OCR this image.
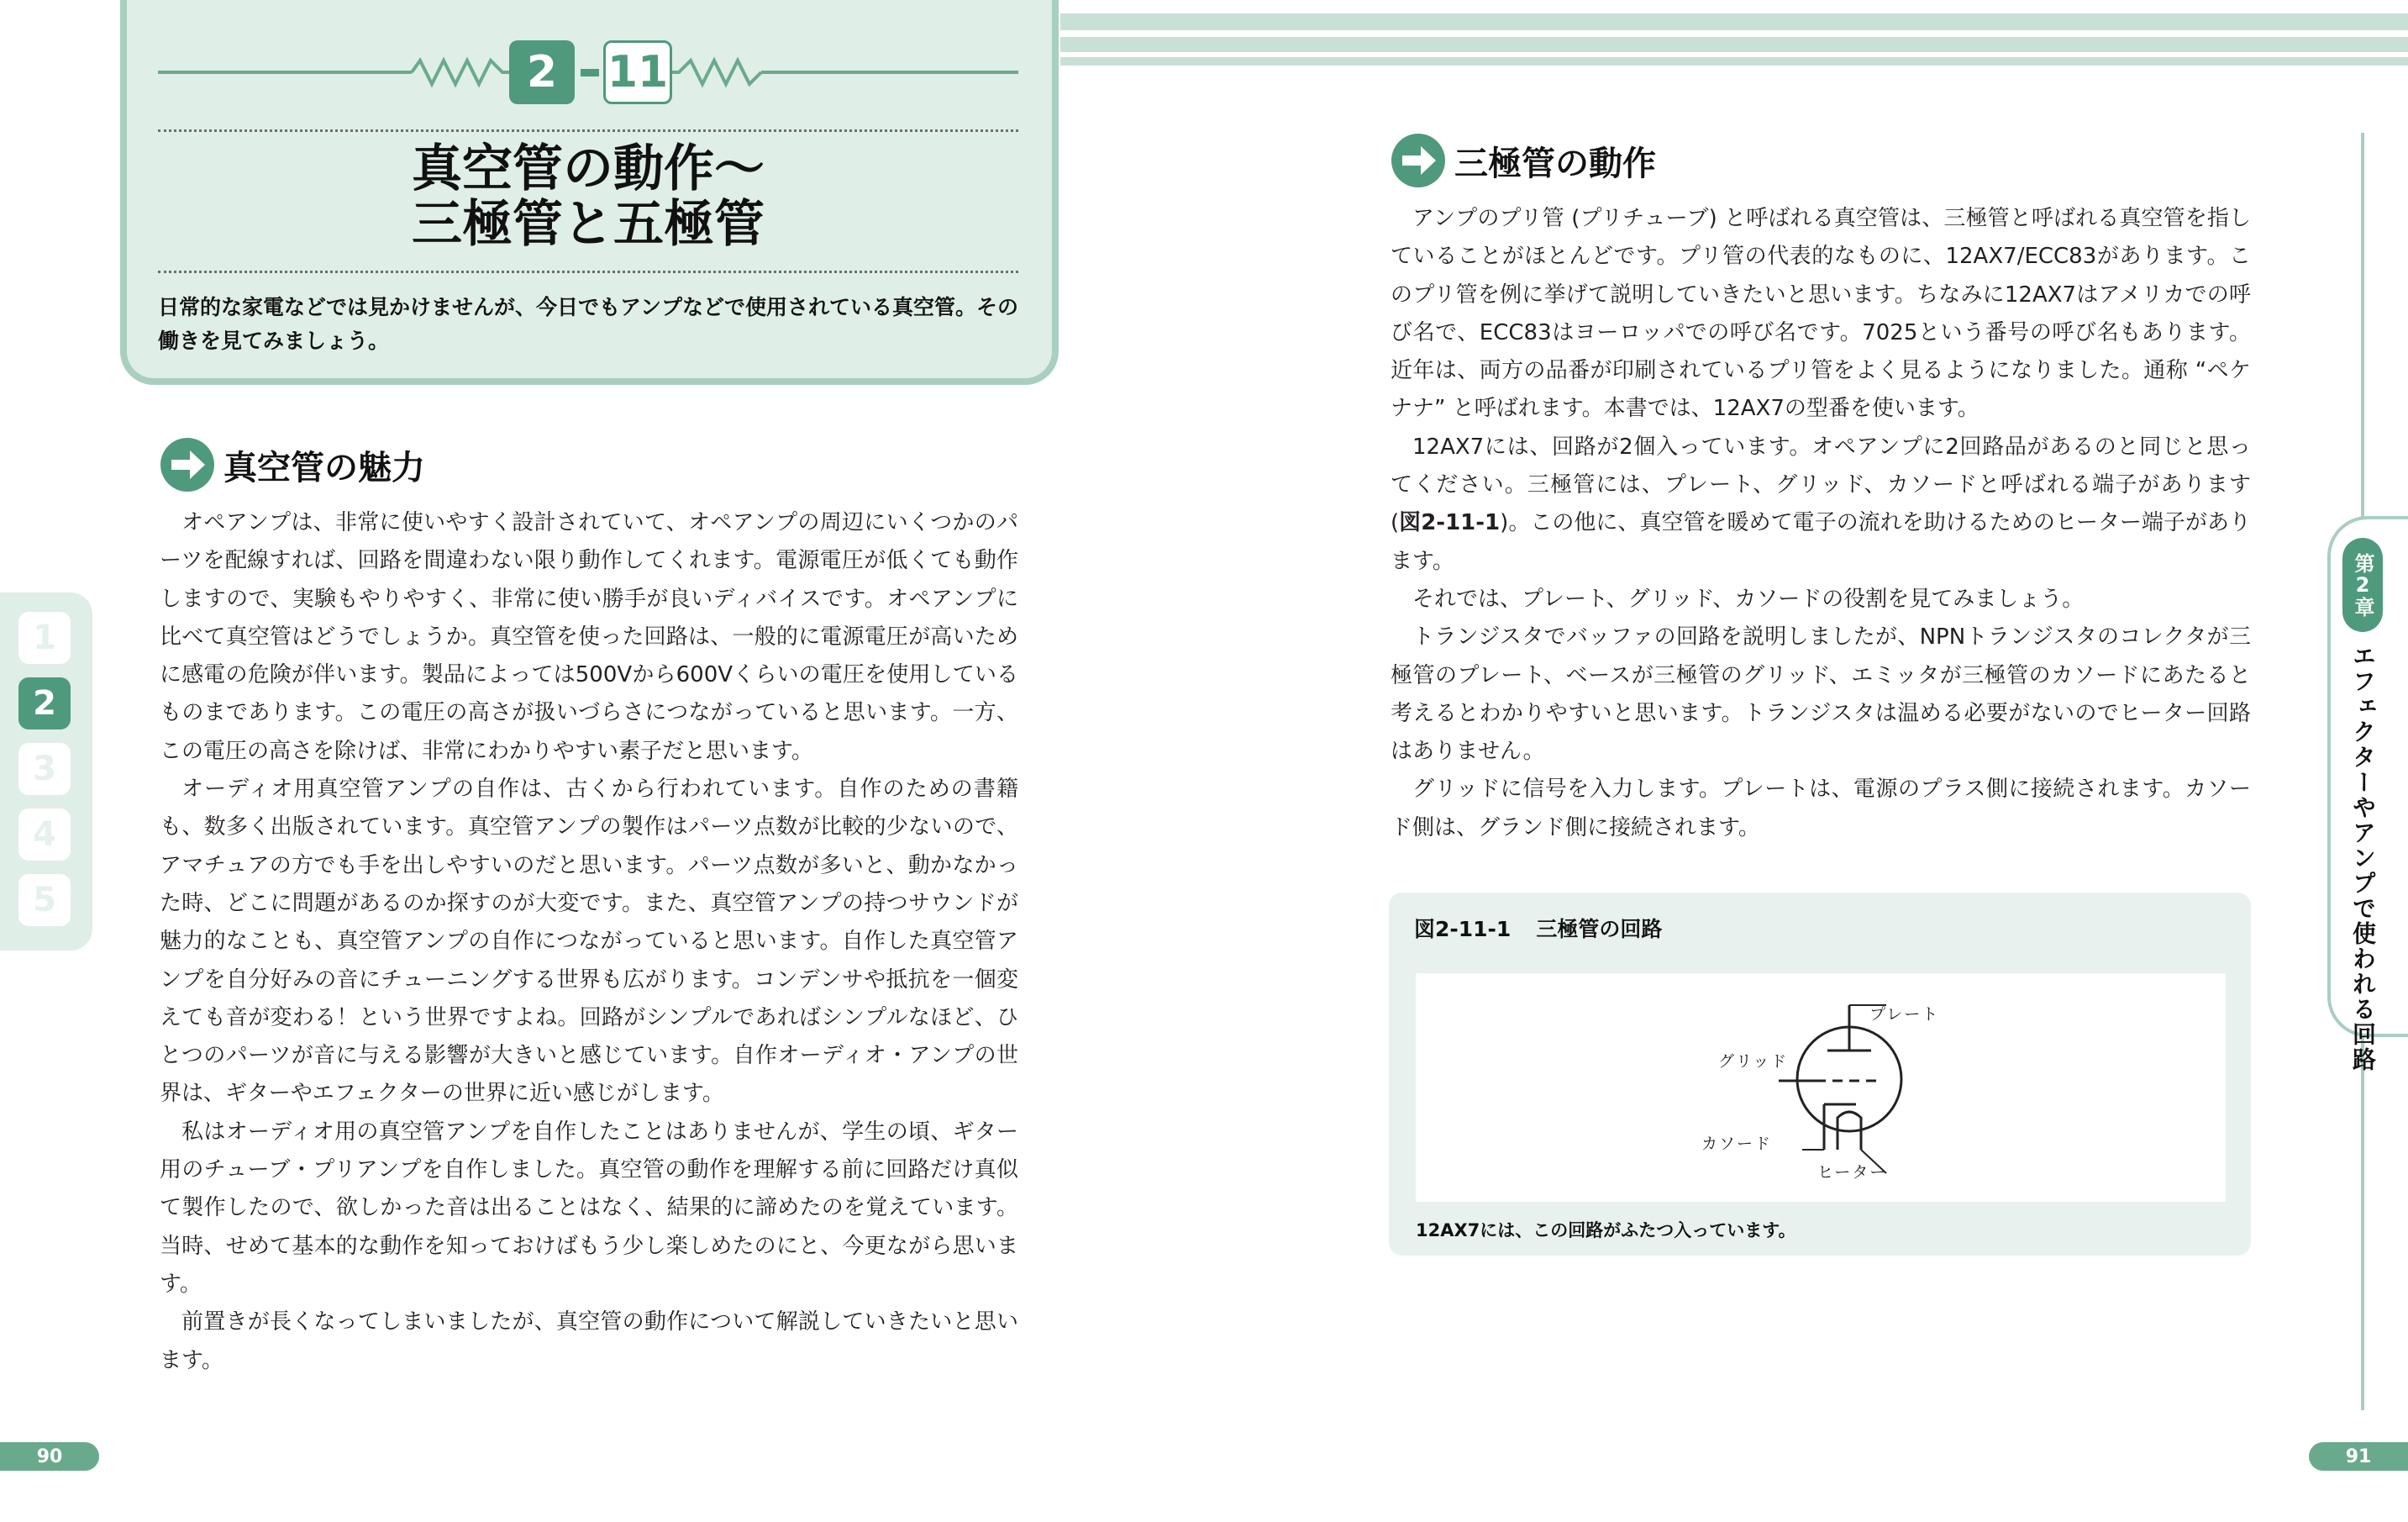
2	11
真空管の動作～
三極管と五極管
日常的な家電などでは見かけませんが、今日でもアンプなどで使用されている真空管。その働きを見てみましょう。
1
2
3
4
5
真空管の魅力

オペアンプは、非常に使いやすく設計されていて、オペアンプの周辺にいくつかのパーツを配線すれば、回路を間違わない限り動作してくれます。電源電圧が低くても動作しますので、実験もやりやすく、非常に使い勝手が良いディバイスです。オペアンプに比べて真空管はどうでしょうか。真空管を使った回路は、一般的に電源電圧が高いために感電の危険が伴います。製品によっては500Vから600Vくらいの電圧を使用しているものまであります。この電圧の高さが扱いづらさにつながっていると思います。一方、この電圧の高さを除けば、非常にわかりやすい素子だと思います。

オーディオ用真空管アンプの自作は、古くから行われています。自作のための書籍も、数多く出版されています。真空管アンプの製作はパーツ点数が比較的少ないので、アマチュアの方でも手を出しやすいのだと思います。パーツ点数が多いと、動かなかった時、どこに問題があるのか探すのが大変です。また、真空管アンプの持つサウンドが魅力的なことも、真空管アンプの自作につながっていると思います。自作した真空管アンプを自分好みの音にチューニングする世界も広がります。コンデンサや抵抗を一個変えても音が変わる！という世界ですよね。回路がシンプルであればシンプルなほど、ひとつのパーツが音に与える影響が大きいと感じています。自作オーディオ・アンプの世界は、ギターやエフェクターの世界に近い感じがします。

私はオーディオ用の真空管アンプを自作したことはありませんが、学生の頃、ギター用のチューブ・プリアンプを自作しました。真空管の動作を理解する前に回路だけ真似て製作したので、欲しかった音は出ることはなく、結果的に諦めたのを覚えています。当時、せめて基本的な動作を知っておけばもう少し楽しめたのにと、今更ながら思います。

前置きが長くなってしまいましたが、真空管の動作について解説していきたいと思います。

三極管の動作

アンプのプリ管 (プリチューブ) と呼ばれる真空管は、三極管と呼ばれる真空管を指していることがほとんどです。プリ管の代表的なものに、12AX7/ECC83があります。このプリ管を例に挙げて説明していきたいと思います。ちなみに12AX7はアメリカでの呼び名で、ECC83はヨーロッパでの呼び名です。7025という番号の呼び名もあります。近年は、両方の品番が印刷されているプリ管をよく見るようになりました。通称 “ペケナナ” と呼ばれます。本書では、12AX7の型番を使います。

12AX7には、回路が2個入っています。オペアンプに2回路品があるのと同じと思ってください。三極管には、プレート、グリッド、カソードと呼ばれる端子があります (図2-11-1)。この他に、真空管を暖めて電子の流れを助けるためのヒーター端子があります。

それでは、プレート、グリッド、カソードの役割を見てみましょう。

トランジスタでバッファの回路を説明しましたが、NPNトランジスタのコレクタが三極管のプレート、ベースが三極管のグリッド、エミッタが三極管のカソードにあたると考えるとわかりやすいと思います。トランジスタは温める必要がないのでヒーター回路はありません。

グリッドに信号を入力します。プレートは、電源のプラス側に接続されます。カソード側は、グランド側に接続されます。

図2-11-1 三極管の回路
プレート
グリッド
カソード
ヒーター
12AX7には、この回路がふたつ入っています。
第2章
エフェクターやアンプで使われる回路
90	91
